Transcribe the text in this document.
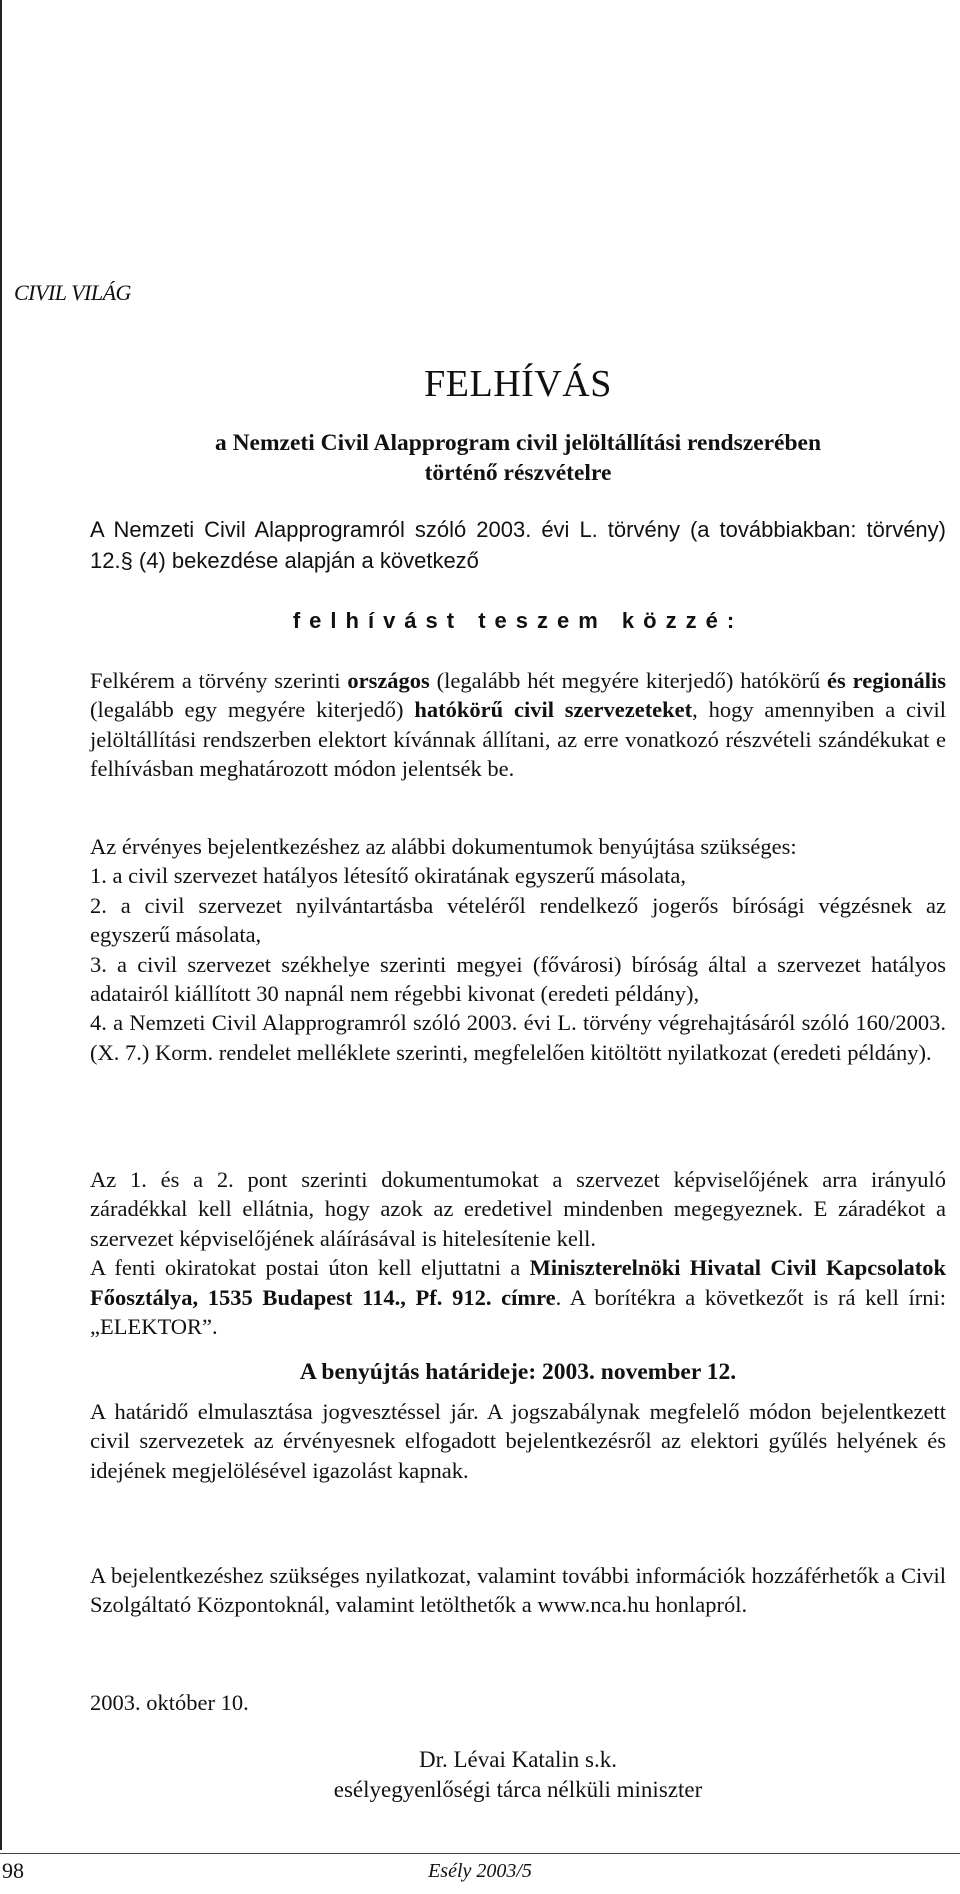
CIVIL VILÁG
FELHÍVÁS
a Nemzeti Civil Alapprogram civil jelöltállítási rendszerében
történő részvételre

A Nemzeti Civil Alapprogramról szóló 2003. évi L. törvény (a továbbiakban: törvény) 12.§ (4) bekezdése alapján a következő

felhívást teszem közzé:

Felkérem a törvény szerinti országos (legalább hét megyére kiterjedő) hatókörű és regionális (legalább egy megyére kiterjedő) hatókörű civil szervezeteket, hogy amennyiben a civil jelöltállítási rendszerben elektort kívánnak állítani, az erre vonatkozó részvételi szándékukat e felhívásban meghatározott módon jelentsék be.

Az érvényes bejelentkezéshez az alábbi dokumentumok benyújtása szükséges:

1. a civil szervezet hatályos létesítő okiratának egyszerű másolata,

2. a civil szervezet nyilvántartásba vételéről rendelkező jogerős bírósági végzésnek az egyszerű másolata,

3. a civil szervezet székhelye szerinti megyei (fővárosi) bíróság által a szervezet hatályos adatairól kiállított 30 napnál nem régebbi kivonat (eredeti példány),

4. a Nemzeti Civil Alapprogramról szóló 2003. évi L. törvény végrehajtásáról szóló 160/2003. (X. 7.) Korm. rendelet melléklete szerinti, megfelelően kitöltött nyilatkozat (eredeti példány).

Az 1. és a 2. pont szerinti dokumentumokat a szervezet képviselőjének arra irányuló záradékkal kell ellátnia, hogy azok az eredetivel mindenben megegyeznek. E záradékot a szervezet képviselőjének aláírásával is hitelesítenie kell.

A fenti okiratokat postai úton kell eljuttatni a Miniszterelnöki Hivatal Civil Kapcsolatok Főosztálya, 1535 Budapest 114., Pf. 912. címre. A borítékra a következőt is rá kell írni: „ELEKTOR”.

A benyújtás határideje: 2003. november 12.

A határidő elmulasztása jogvesztéssel jár. A jogszabálynak megfelelő módon bejelentkezett civil szervezetek az érvényesnek elfogadott bejelentkezésről az elektori gyűlés helyének és idejének megjelölésével igazolást kapnak.

A bejelentkezéshez szükséges nyilatkozat, valamint további információk hozzáférhetők a Civil Szolgáltató Központoknál, valamint letölthetők a www.nca.hu honlapról.

2003. október 10.
Dr. Lévai Katalin s.k.
esélyegyenlőségi tárca nélküli miniszter
98	Esély 2003/5
